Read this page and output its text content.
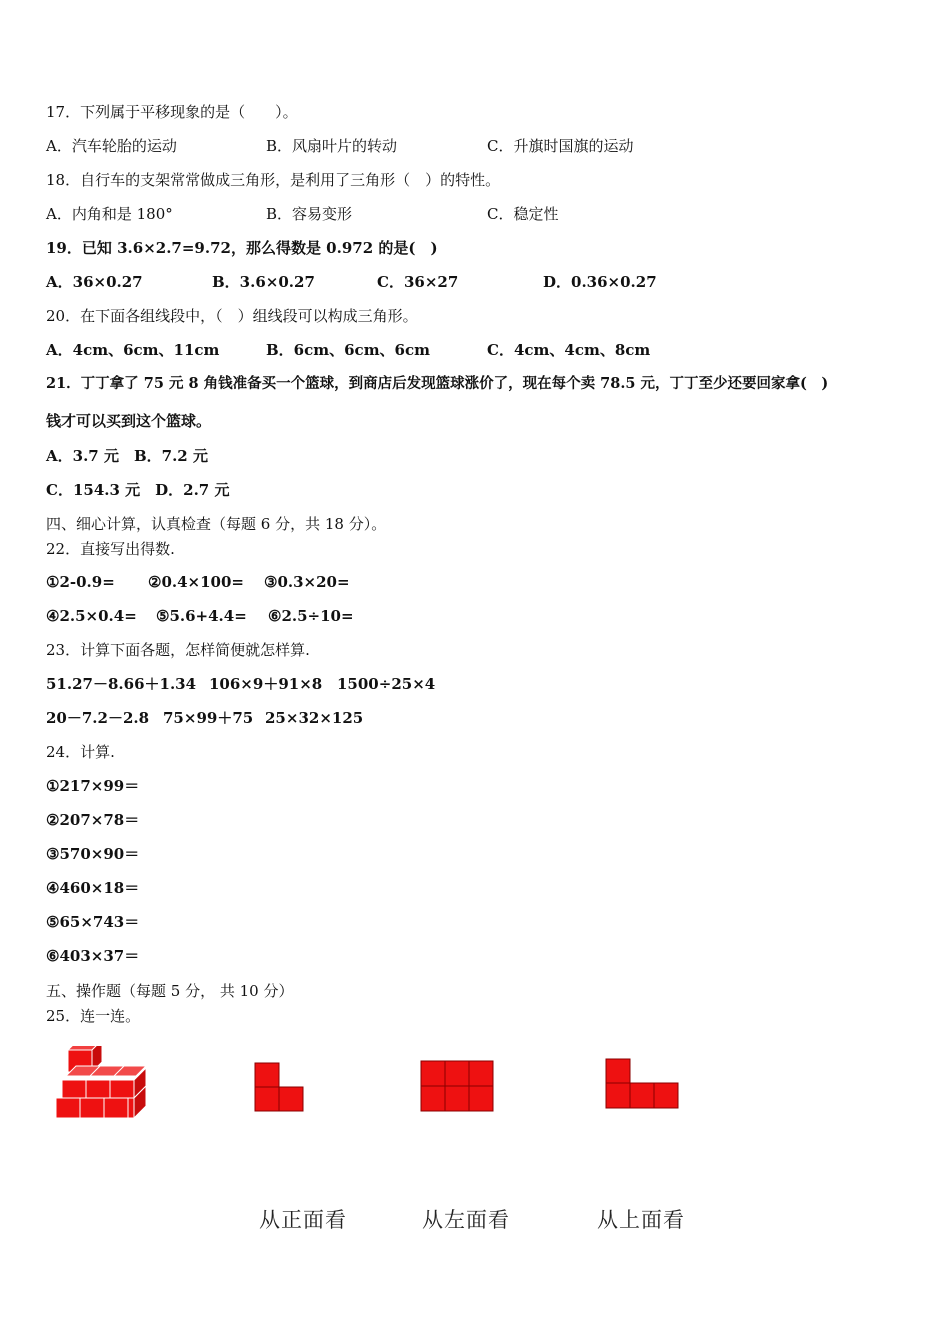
17．下列属于平移现象的是（　　）。
A．汽车轮胎的运动	B．风扇叶片的转动	C．升旗时国旗的运动
18．自行车的支架常常做成三角形，是利用了三角形（　）的特性。
A．内角和是 180°	B．容易变形	C．稳定性
19．已知 3.6×2.7=9.72，那么得数是 0.972 的是(　)
A．36×0.27	B．3.6×0.27	C．36×27	D．0.36×0.27
20．在下面各组线段中，（　）组线段可以构成三角形。
A．4cm、6cm、11cm	B．6cm、6cm、6cm	C．4cm、4cm、8cm
21．丁丁拿了 75 元 8 角钱准备买一个篮球，到商店后发现篮球涨价了，现在每个卖 78.5 元，丁丁至少还要回家拿(　)
钱才可以买到这个篮球。
A．3.7 元　B．7.2 元
C．154.3 元　D．2.7 元
四、细心计算，认真检查（每题 6 分，共 18 分）。
22．直接写出得数.
①2-0.9= ②0.4×100= ③0.3×20=
④2.5×0.4= ⑤5.6+4.4= ⑥2.5÷10=
23．计算下面各题，怎样简便就怎样算.
51.27－8.66＋1.34 106×9＋91×8 1500÷25×4
20－7.2－2.8 75×99＋75 25×32×125
24．计算.
①217×99＝
②207×78＝
③570×90＝
④460×18＝
⑤65×743＝
⑥403×37＝
五、操作题（每题 5 分， 共 10 分）
25．连一连。
从正面看	从左面看	从上面看
